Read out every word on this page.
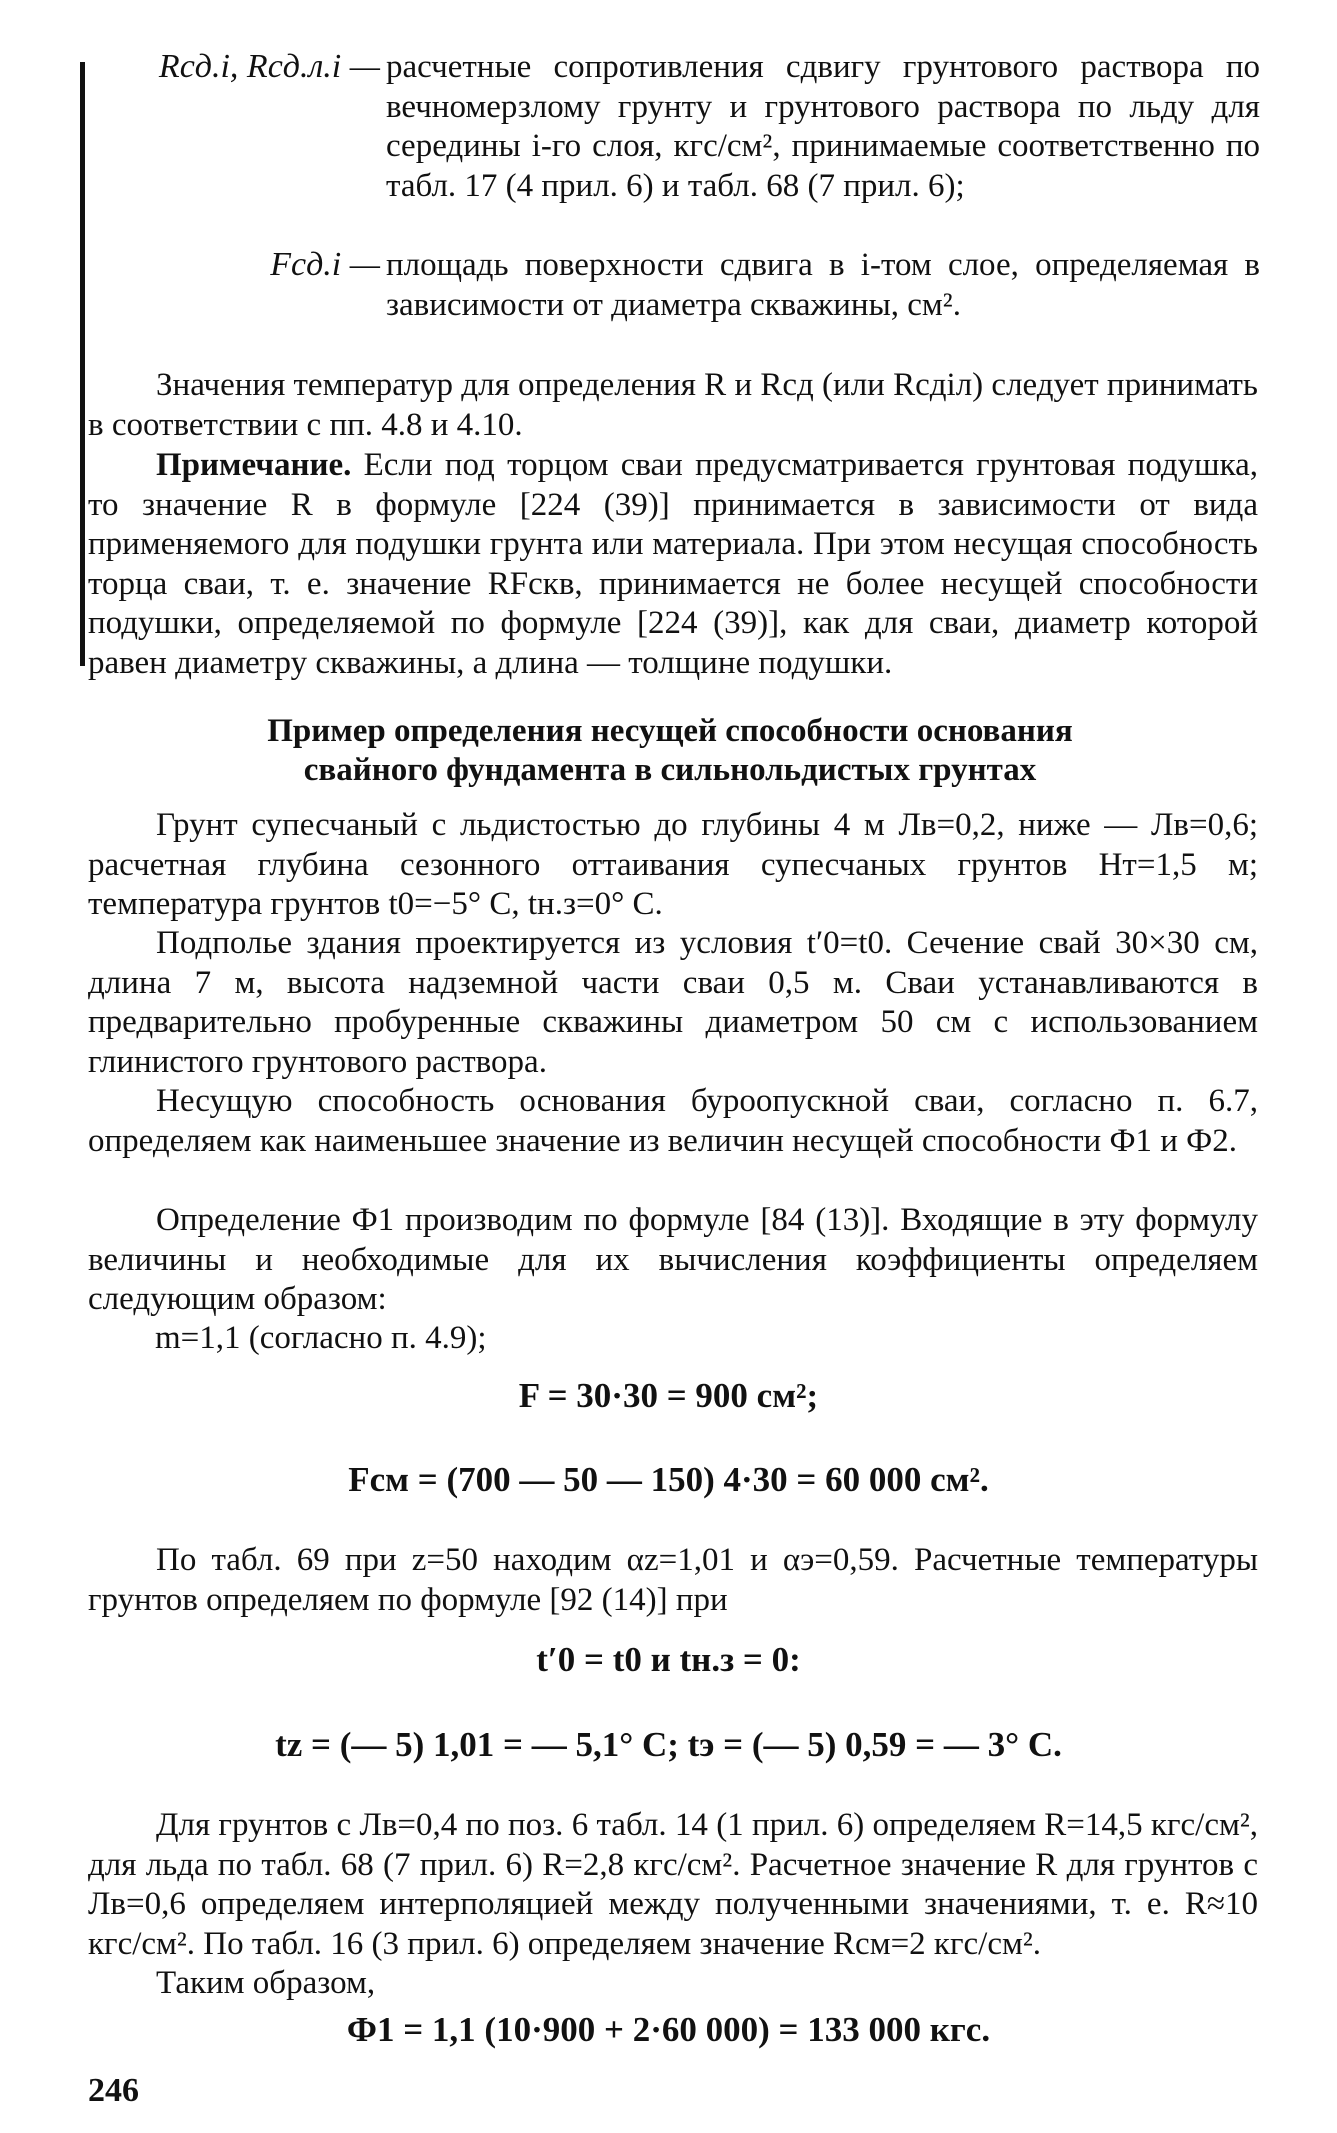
Rсд.i, Rсд.л.i — расчетные сопротивления сдвигу грунтового раствора по вечномерзлому грунту и грунтового раствора по льду для середины i-го слоя, кгс/см², принимаемые соответственно по табл. 17 (4 прил. 6) и табл. 68 (7 прил. 6);
Fсд.i — площадь поверхности сдвига в i-том слое, определяемая в зависимости от диаметра скважины, см².

Значения температур для определения R и Rсд (или Rсдiл) следует принимать в соответствии с пп. 4.8 и 4.10.

Примечание. Если под торцом сваи предусматривается грунтовая подушка, то значение R в формуле [224 (39)] принимается в зависимости от вида применяемого для подушки грунта или материала. При этом несущая способность торца сваи, т. е. значение RFскв, принимается не более несущей способности подушки, определяемой по формуле [224 (39)], как для сваи, диаметр которой равен диаметру скважины, а длина — толщине подушки.

Пример определения несущей способности основания
свайного фундамента в сильнольдистых грунтах

Грунт супесчаный с льдистостью до глубины 4 м Лв=0,2, ниже — Лв=0,6; расчетная глубина сезонного оттаивания супесчаных грунтов Hт=1,5 м; температура грунтов t0=−5° C, tн.з=0° C.

Подполье здания проектируется из условия t′0=t0. Сечение свай 30×30 см, длина 7 м, высота надземной части сваи 0,5 м. Сваи устанавливаются в предварительно пробуренные скважины диаметром 50 см с использованием глинистого грунтового раствора.

Несущую способность основания бурoопускной сваи, согласно п. 6.7, определяем как наименьшее значение из величин несущей способности Ф1 и Ф2.

Определение Ф1 производим по формуле [84 (13)]. Входящие в эту формулу величины и необходимые для их вычисления коэффициенты определяем следующим образом:

m=1,1 (согласно п. 4.9);

F = 30·30 = 900 см²;

Fсм = (700 — 50 — 150) 4·30 = 60 000 см².

По табл. 69 при z=50 находим αz=1,01 и αэ=0,59. Расчетные температуры грунтов определяем по формуле [92 (14)] при

t′0 = t0 и tн.з = 0:

tz = (— 5) 1,01 = — 5,1° C; tэ = (— 5) 0,59 = — 3° C.

Для грунтов с Лв=0,4 по поз. 6 табл. 14 (1 прил. 6) определяем R=14,5 кгс/см², для льда по табл. 68 (7 прил. 6) R=2,8 кгс/см². Расчетное значение R для грунтов с Лв=0,6 определяем интерполяцией между полученными значениями, т. е. R≈10 кгс/см². По табл. 16 (3 прил. 6) определяем значение Rсм=2 кгс/см².

Таким образом,

Ф1 = 1,1 (10·900 + 2·60 000) = 133 000 кгс.

246
